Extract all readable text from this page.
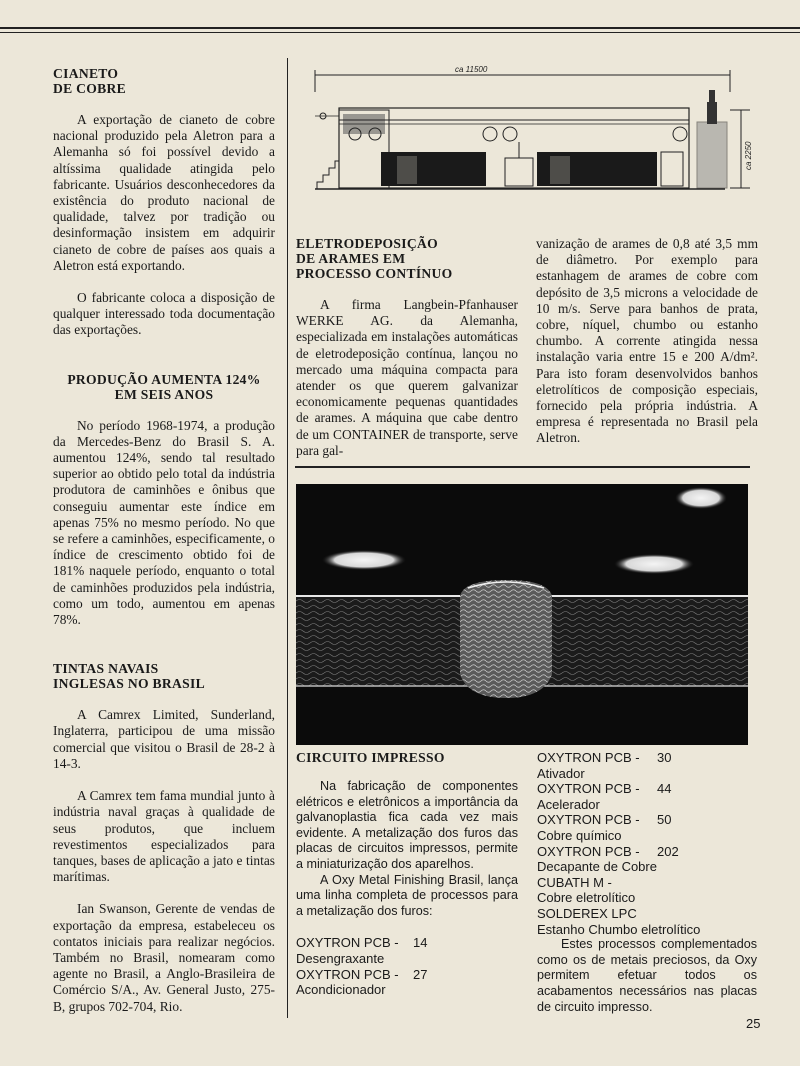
CIANETO
DE COBRE

A exportação de cianeto de cobre nacional produzido pela Aletron para a Alemanha só foi possível devido a altíssima qualidade atingida pelo fabricante. Usuários desconhecedores da existência do produto nacional de qualidade, talvez por tradição ou desinformação insistem em adquirir cianeto de cobre de países aos quais a Aletron está exportando.

O fabricante coloca a disposição de qualquer interessado toda documentação das exportações.

PRODUÇÃO AUMENTA 124%
EM SEIS ANOS

No período 1968-1974, a produção da Mercedes-Benz do Brasil S. A. aumentou 124%, sendo tal resultado superior ao obtido pelo total da indústria produtora de caminhões e ônibus que conseguiu aumentar este índice em apenas 75% no mesmo período. No que se refere a caminhões, especificamente, o índice de crescimento obtido foi de 181% naquele período, enquanto o total de caminhões produzidos pela indústria, como um todo, aumentou em apenas 78%.

TINTAS NAVAIS
INGLESAS NO BRASIL

A Camrex Limited, Sunderland, Inglaterra, participou de uma missão comercial que visitou o Brasil de 28-2 à 14-3.

A Camrex tem fama mundial junto à indústria naval graças à qualidade de seus produtos, que incluem revestimentos especializados para tanques, bases de aplicação a jato e tintas marítimas.

Ian Swanson, Gerente de vendas de exportação da empresa, estabeleceu os contatos iniciais para realizar negócios. Também no Brasil, nomearam como agente no Brasil, a Anglo-Brasileira de Comércio S/A., Av. General Justo, 275-B, grupos 702-704, Rio.

ca 11500
ca 2250
ELETRODEPOSIÇÃO
DE ARAMES EM
PROCESSO CONTÍNUO

A firma Langbein-Pfanhauser WERKE AG. da Alemanha, especializada em instalações automáticas de eletrodeposição contínua, lançou no mercado uma máquina compacta para atender os que querem galvanizar economicamente pequenas quantidades de arames. A máquina que cabe dentro de um CONTAINER de transporte, serve para gal-

vanização de arames de 0,8 até 3,5 mm de diâmetro. Por exemplo para estanhagem de arames de cobre com depósito de 3,5 microns a velocidade de 10 m/s. Serve para banhos de prata, cobre, níquel, chumbo ou estanho chumbo. A corrente atingida nessa instalação varia entre 15 e 200 A/dm². Para isto foram desenvolvidos banhos eletrolíticos de composição especiais, fornecido pela própria indústria. A empresa é representada no Brasil pela Aletron.

CIRCUITO IMPRESSO

Na fabricação de componentes elétricos e eletrônicos a importância da galvanoplastia fica cada vez mais evidente. A metalização dos furos das placas de circuitos impressos, permite a miniaturização dos aparelhos.

A Oxy Metal Finishing Brasil, lança uma linha completa de processos para a metalização dos furos:

OXYTRON PCB -	14
Desengraxante
OXYTRON PCB -	27
Acondicionador
OXYTRON PCB -	30
Ativador
OXYTRON PCB -	44
Acelerador
OXYTRON PCB -	50
Cobre químico
OXYTRON PCB -	202
Decapante de Cobre
CUBATH M -
Cobre eletrolítico
SOLDEREX LPC
Estanho Chumbo eletrolítico

Estes processos complementados como os de metais preciosos, da Oxy permitem efetuar todos os acabamentos necessários nas placas de circuito impresso.

25
